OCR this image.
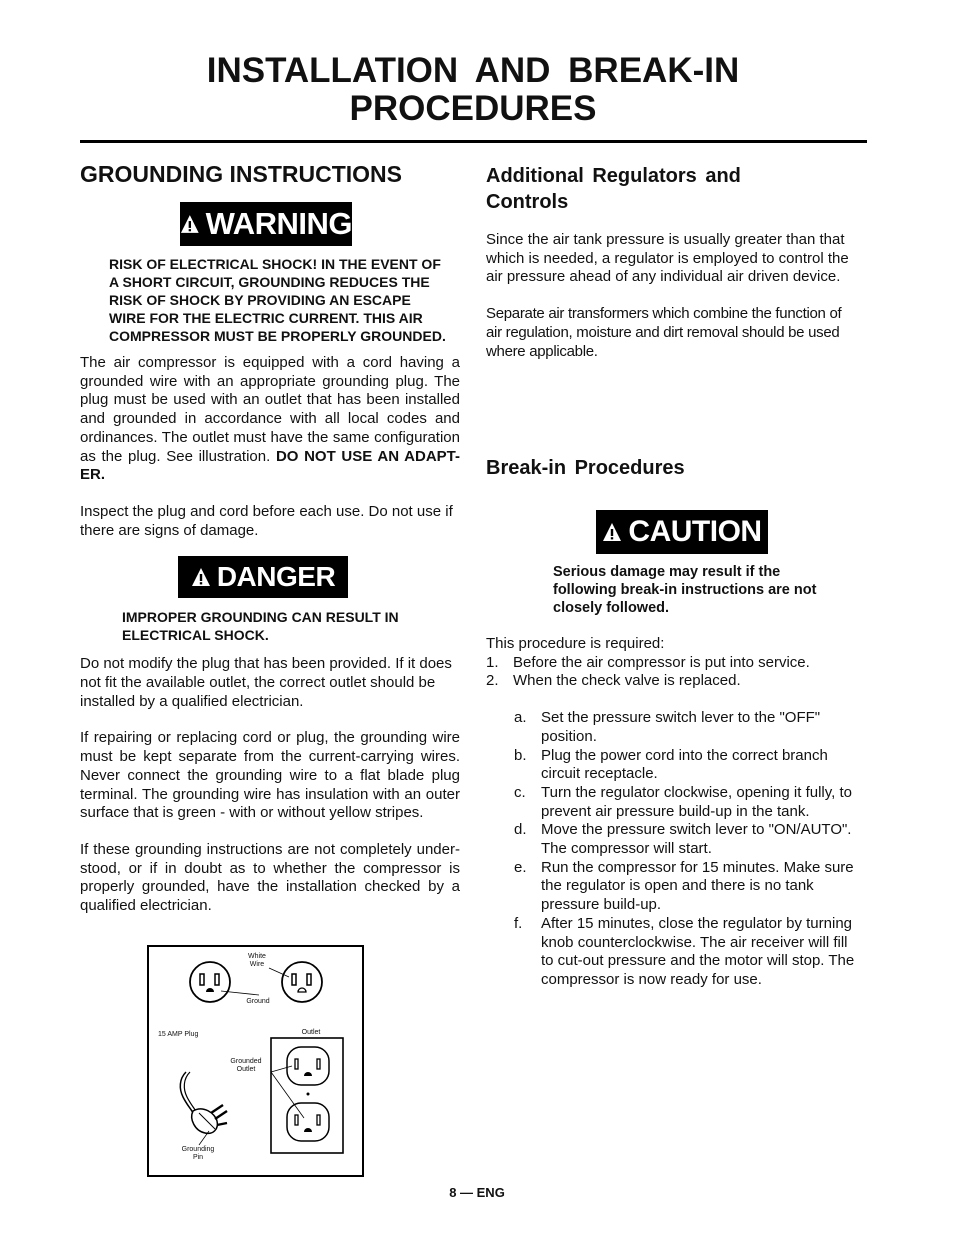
INSTALLATION AND BREAK-IN
PROCEDURES
GROUNDING INSTRUCTIONS
WARNING

RISK OF ELECTRICAL SHOCK! IN THE EVENT OF A SHORT CIRCUIT, GROUNDING REDUCES THE RISK OF SHOCK BY PROVIDING AN ESCAPE WIRE FOR THE ELECTRIC CURRENT. THIS AIR COMPRESSOR MUST BE PROPERLY GROUNDED.

The air compressor is equipped with a cord having a grounded wire with an appropriate grounding plug. The plug must be used with an outlet that has been installed and grounded in accordance with all local codes and ordinances. The outlet must have the same configuration as the plug. See illustration. DO NOT USE AN ADAPT-ER.

Inspect the plug and cord before each use. Do not use if there are signs of damage.

DANGER

IMPROPER GROUNDING CAN RESULT IN ELECTRICAL SHOCK.

Do not modify the plug that has been provided. If it does not fit the available outlet, the correct outlet should be installed by a qualified electrician.

If repairing or replacing cord or plug, the grounding wire must be kept separate from the current-carrying wires. Never connect the grounding wire to a flat blade plug terminal. The grounding wire has insulation with an outer surface that is green - with or without yellow stripes.

If these grounding instructions are not completely under-stood, or if in doubt as to whether the compressor is properly grounded, have the installation checked by a qualified electrician.

White Wire
Ground
15 AMP Plug	Outlet
Grounded Outlet
Grounding Pin
Additional Regulators and Controls

Since the air tank pressure is usually greater than that which is needed, a regulator is employed to control the air pressure ahead of any individual air driven device.

Separate air transformers which combine the function of air regulation, moisture and dirt removal should be used where applicable.

Break-in Procedures
CAUTION

Serious damage may result if the following break-in instructions are not closely followed.

This procedure is required:

1. Before the air compressor is put into service.
2. When the check valve is replaced.
a. Set the pressure switch lever to the "OFF" position.
b. Plug the power cord into the correct branch circuit receptacle.
c.	Turn the regulator clockwise, opening it fully, to prevent air pressure build-up in the tank.
d. Move the pressure switch lever to "ON/AUTO". The compressor will start.
e. Run the compressor for 15 minutes. Make sure the regulator is open and there is no tank pressure build-up.
f.	After 15 minutes, close the regulator by turning knob counterclockwise. The air receiver will fill to cut-out pressure and the motor will stop. The compressor is now ready for use.
8 — ENG
